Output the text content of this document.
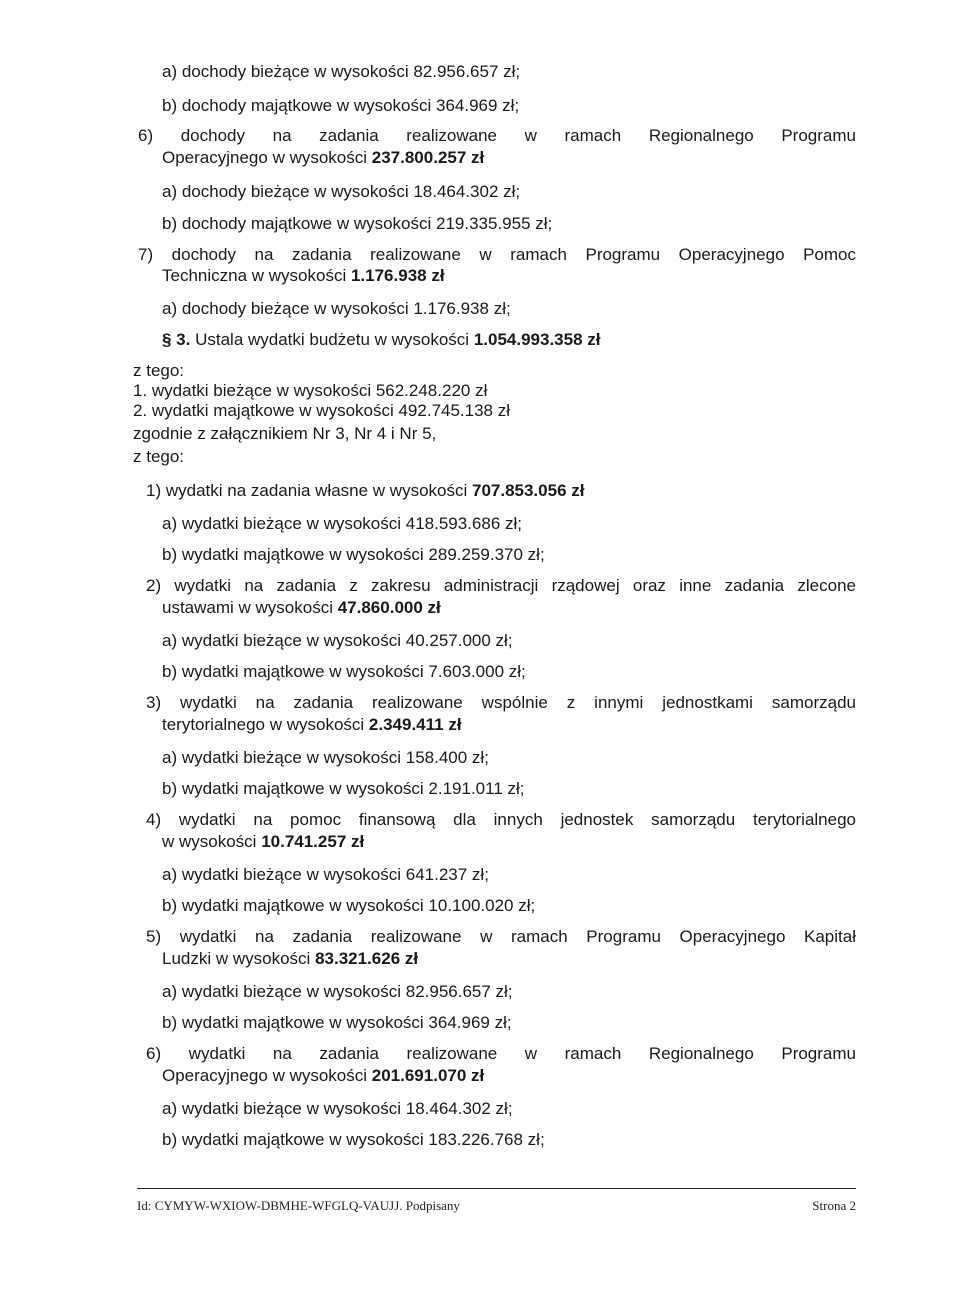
a) dochody bieżące w wysokości 82.956.657 zł;
b) dochody majątkowe w wysokości 364.969 zł;
6) dochody na zadania realizowane w ramach Regionalnego Programu
Operacyjnego w wysokości 237.800.257 zł
a) dochody bieżące w wysokości 18.464.302 zł;
b) dochody majątkowe w wysokości 219.335.955 zł;
7) dochody na zadania realizowane w ramach Programu Operacyjnego Pomoc
Techniczna w wysokości 1.176.938 zł
a) dochody bieżące w wysokości 1.176.938 zł;
§ 3. Ustala wydatki budżetu w wysokości 1.054.993.358 zł
z tego:
1. wydatki bieżące w wysokości 562.248.220 zł
2. wydatki majątkowe w wysokości 492.745.138 zł
zgodnie z załącznikiem Nr 3, Nr 4 i Nr 5,
z tego:
1) wydatki na zadania własne w wysokości 707.853.056 zł
a) wydatki bieżące w wysokości 418.593.686 zł;
b) wydatki majątkowe w wysokości 289.259.370 zł;
2) wydatki na zadania z zakresu administracji rządowej oraz inne zadania zlecone
ustawami w wysokości 47.860.000 zł
a) wydatki bieżące w wysokości 40.257.000 zł;
b) wydatki majątkowe w wysokości 7.603.000 zł;
3) wydatki na zadania realizowane wspólnie z innymi jednostkami samorządu
terytorialnego w wysokości 2.349.411 zł
a) wydatki bieżące w wysokości 158.400 zł;
b) wydatki majątkowe w wysokości 2.191.011 zł;
4) wydatki na pomoc finansową dla innych jednostek samorządu terytorialnego
w wysokości 10.741.257 zł
a) wydatki bieżące w wysokości 641.237 zł;
b) wydatki majątkowe w wysokości 10.100.020 zł;
5) wydatki na zadania realizowane w ramach Programu Operacyjnego Kapitał
Ludzki w wysokości 83.321.626 zł
a) wydatki bieżące w wysokości 82.956.657 zł;
b) wydatki majątkowe w wysokości 364.969 zł;
6) wydatki na zadania realizowane w ramach Regionalnego Programu
Operacyjnego w wysokości 201.691.070 zł
a) wydatki bieżące w wysokości 18.464.302 zł;
b) wydatki majątkowe w wysokości 183.226.768 zł;
Id: CYMYW-WXIOW-DBMHE-WFGLQ-VAUJJ. Podpisany	Strona 2
